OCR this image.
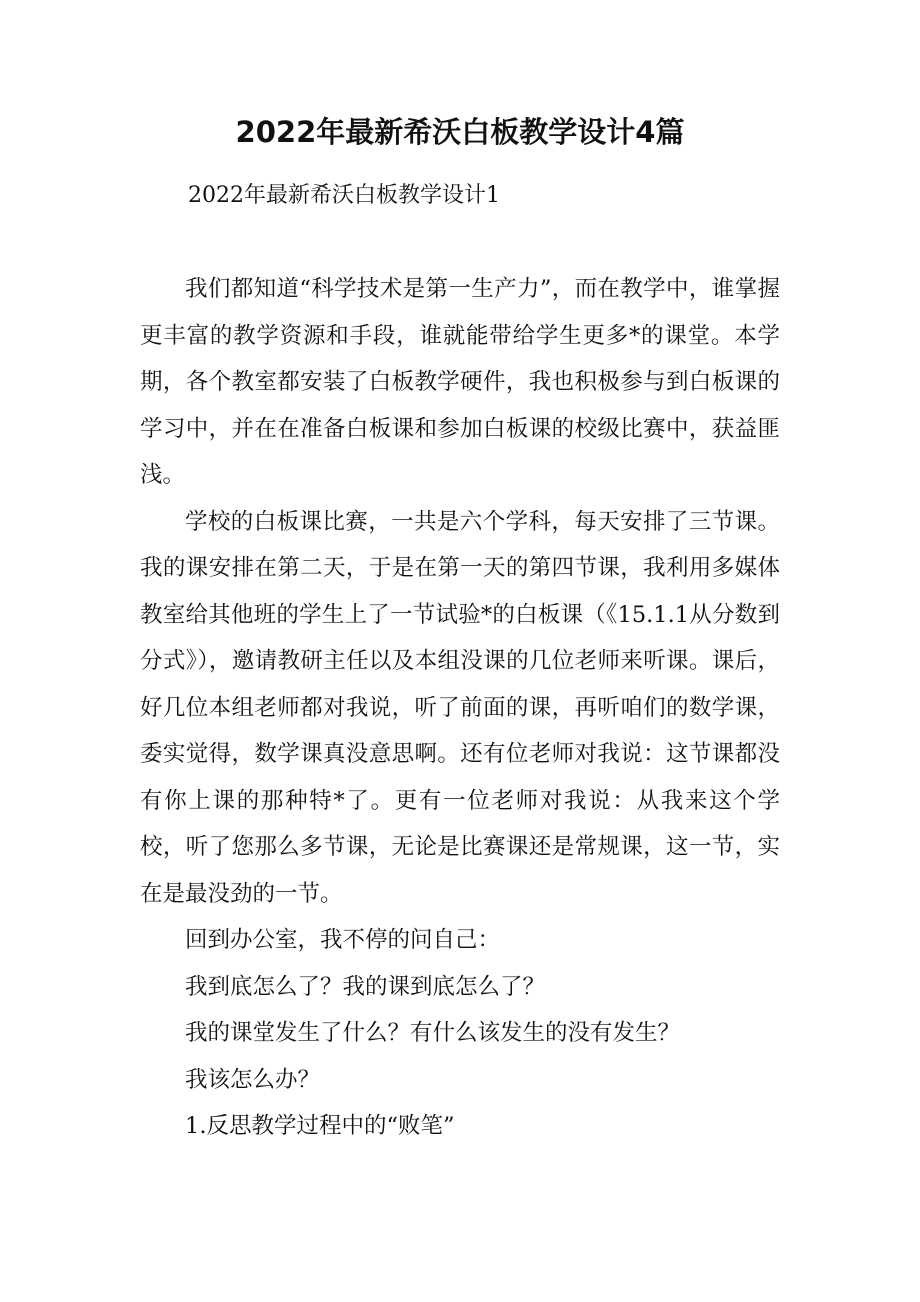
2022年最新希沃白板教学设计4篇
2022年最新希沃白板教学设计1

我们都知道“科学技术是第一生产力”，而在教学中，谁掌握更丰富的教学资源和手段，谁就能带给学生更多*的课堂。本学期，各个教室都安装了白板教学硬件，我也积极参与到白板课的学习中，并在在准备白板课和参加白板课的校级比赛中，获益匪浅。

学校的白板课比赛，一共是六个学科，每天安排了三节课。我的课安排在第二天，于是在第一天的第四节课，我利用多媒体教室给其他班的学生上了一节试验*的白板课（《15.1.1从分数到分式》），邀请教研主任以及本组没课的几位老师来听课。课后，好几位本组老师都对我说，听了前面的课，再听咱们的数学课，委实觉得，数学课真没意思啊。还有位老师对我说：这节课都没有你上课的那种特*了。更有一位老师对我说：从我来这个学校，听了您那么多节课，无论是比赛课还是常规课，这一节，实在是最没劲的一节。

回到办公室，我不停的问自己：

我到底怎么了？我的课到底怎么了？

我的课堂发生了什么？有什么该发生的没有发生？

我该怎么办？

1.反思教学过程中的“败笔”
